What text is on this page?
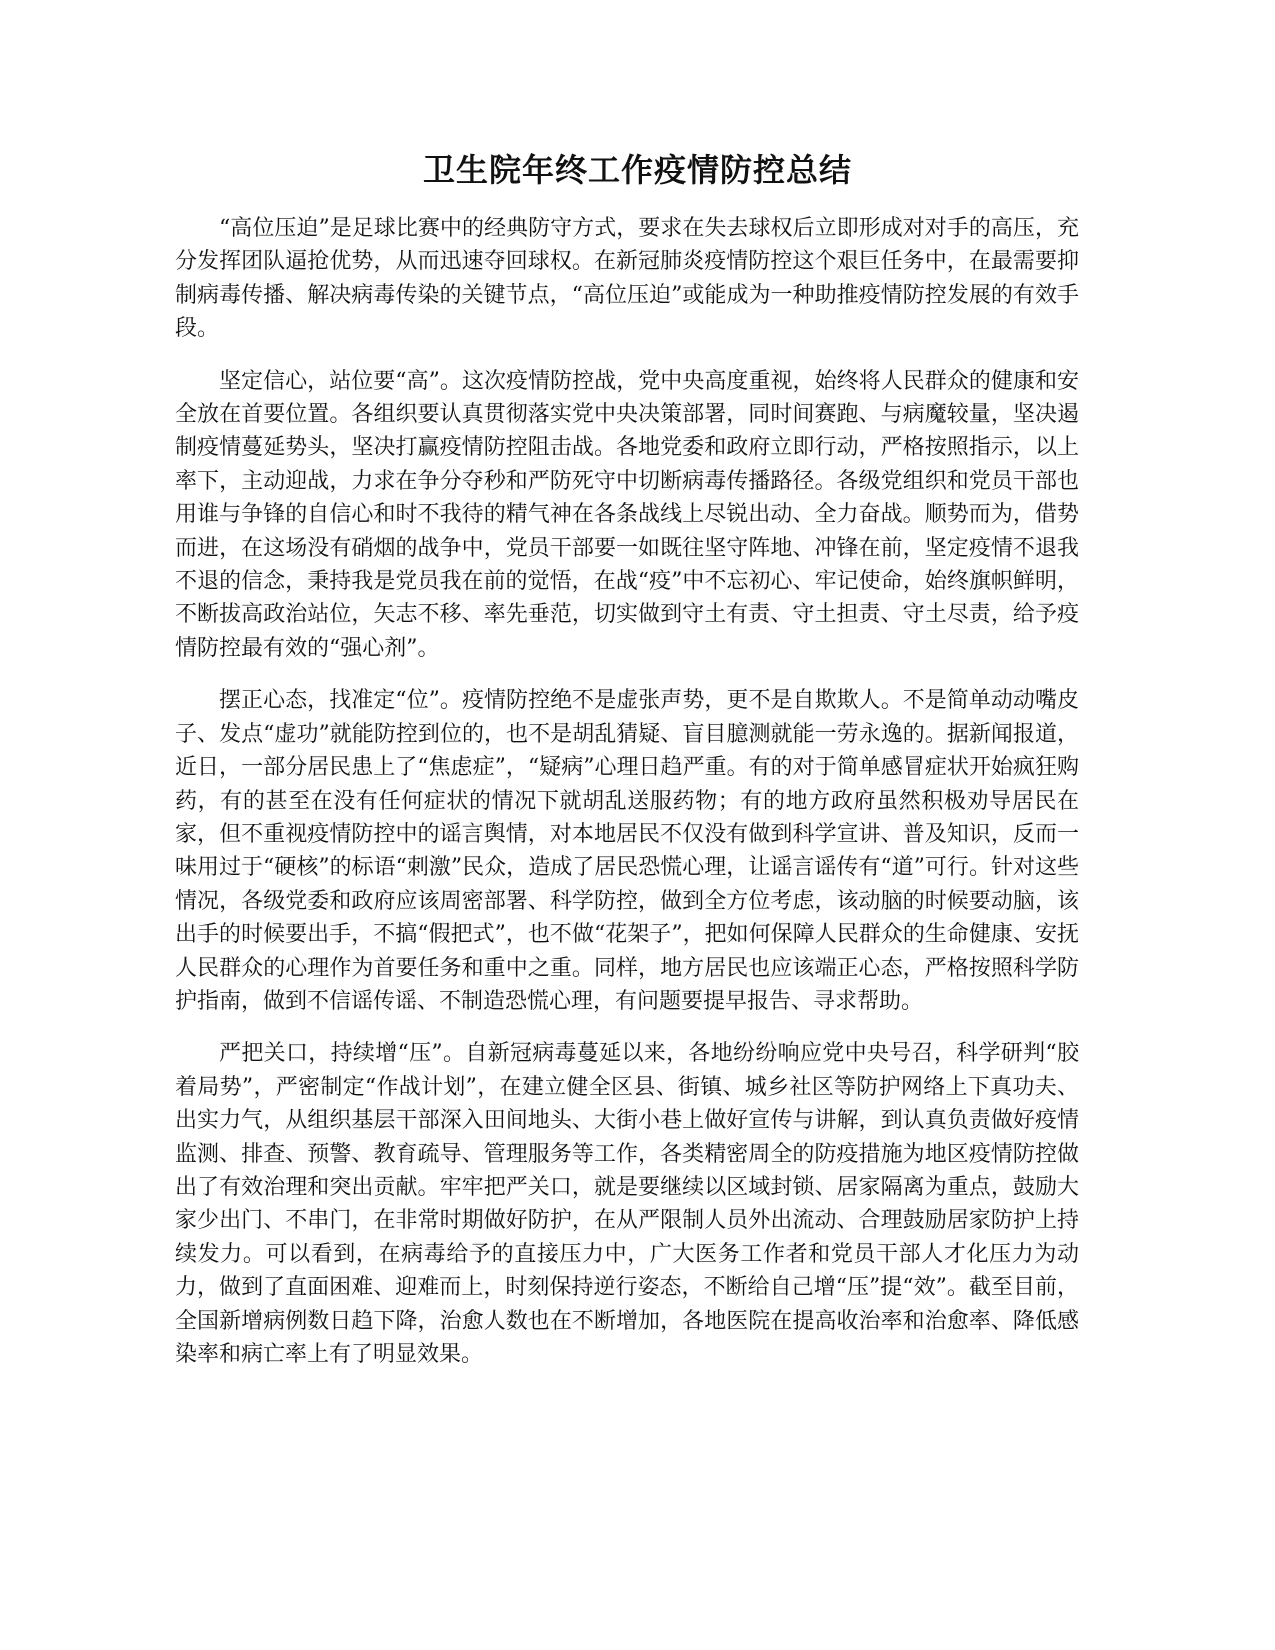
卫生院年终工作疫情防控总结

“高位压迫”是足球比赛中的经典防守方式，要求在失去球权后立即形成对对手的高压，充分发挥团队逼抢优势，从而迅速夺回球权。在新冠肺炎疫情防控这个艰巨任务中，在最需要抑制病毒传播、解决病毒传染的关键节点，“高位压迫”或能成为一种助推疫情防控发展的有效手段。

坚定信心，站位要“高”。这次疫情防控战，党中央高度重视，始终将人民群众的健康和安全放在首要位置。各组织要认真贯彻落实党中央决策部署，同时间赛跑、与病魔较量，坚决遏制疫情蔓延势头，坚决打赢疫情防控阻击战。各地党委和政府立即行动，严格按照指示，以上率下，主动迎战，力求在争分夺秒和严防死守中切断病毒传播路径。各级党组织和党员干部也用谁与争锋的自信心和时不我待的精气神在各条战线上尽锐出动、全力奋战。顺势而为，借势而进，在这场没有硝烟的战争中，党员干部要一如既往坚守阵地、冲锋在前，坚定疫情不退我不退的信念，秉持我是党员我在前的觉悟，在战“疫”中不忘初心、牢记使命，始终旗帜鲜明，不断拔高政治站位，矢志不移、率先垂范，切实做到守土有责、守土担责、守土尽责，给予疫情防控最有效的“强心剂”。

摆正心态，找准定“位”。疫情防控绝不是虚张声势，更不是自欺欺人。不是简单动动嘴皮子、发点“虚功”就能防控到位的，也不是胡乱猜疑、盲目臆测就能一劳永逸的。据新闻报道，近日，一部分居民患上了“焦虑症”，“疑病”心理日趋严重。有的对于简单感冒症状开始疯狂购药，有的甚至在没有任何症状的情况下就胡乱送服药物；有的地方政府虽然积极劝导居民在家，但不重视疫情防控中的谣言舆情，对本地居民不仅没有做到科学宣讲、普及知识，反而一味用过于“硬核”的标语“刺激”民众，造成了居民恐慌心理，让谣言谣传有“道”可行。针对这些情况，各级党委和政府应该周密部署、科学防控，做到全方位考虑，该动脑的时候要动脑，该出手的时候要出手，不搞“假把式”，也不做“花架子”，把如何保障人民群众的生命健康、安抚人民群众的心理作为首要任务和重中之重。同样，地方居民也应该端正心态，严格按照科学防护指南，做到不信谣传谣、不制造恐慌心理，有问题要提早报告、寻求帮助。

严把关口，持续增“压”。自新冠病毒蔓延以来，各地纷纷响应党中央号召，科学研判“胶着局势”，严密制定“作战计划”，在建立健全区县、街镇、城乡社区等防护网络上下真功夫、出实力气，从组织基层干部深入田间地头、大街小巷上做好宣传与讲解，到认真负责做好疫情监测、排查、预警、教育疏导、管理服务等工作，各类精密周全的防疫措施为地区疫情防控做出了有效治理和突出贡献。牢牢把严关口，就是要继续以区域封锁、居家隔离为重点，鼓励大家少出门、不串门，在非常时期做好防护，在从严限制人员外出流动、合理鼓励居家防护上持续发力。可以看到，在病毒给予的直接压力中，广大医务工作者和党员干部人才化压力为动力，做到了直面困难、迎难而上，时刻保持逆行姿态，不断给自己增“压”提“效”。截至目前，全国新增病例数日趋下降，治愈人数也在不断增加，各地医院在提高收治率和治愈率、降低感染率和病亡率上有了明显效果。
